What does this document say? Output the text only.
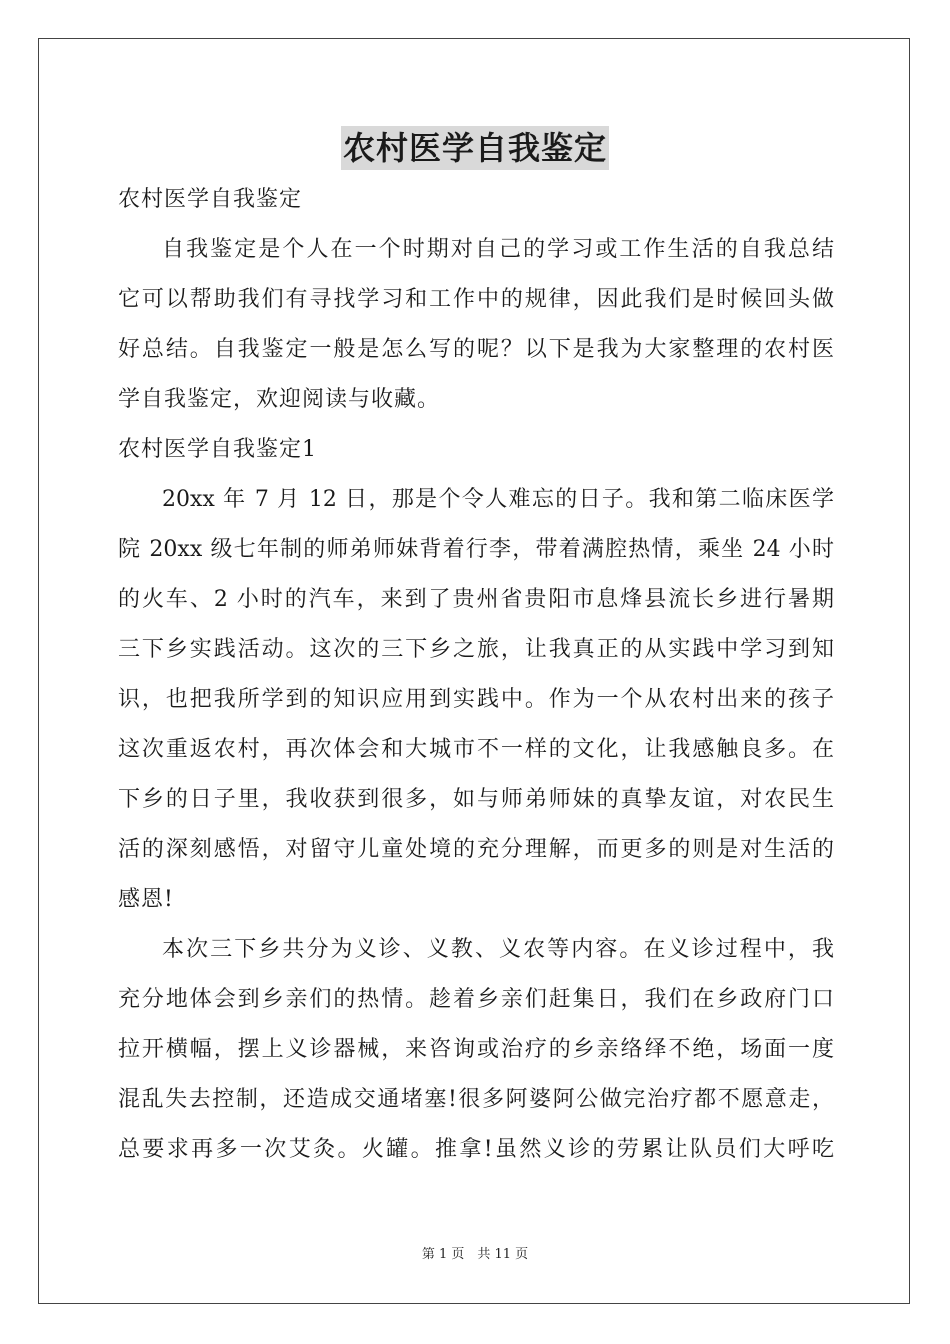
农村医学自我鉴定
农村医学自我鉴定
自我鉴定是个人在一个时期对自己的学习或工作生活的自我总结
它可以帮助我们有寻找学习和工作中的规律，因此我们是时候回头做
好总结。自我鉴定一般是怎么写的呢？以下是我为大家整理的农村医
学自我鉴定，欢迎阅读与收藏。
农村医学自我鉴定1
20xx 年 7 月 12 日，那是个令人难忘的日子。我和第二临床医学
院 20xx 级七年制的师弟师妹背着行李，带着满腔热情，乘坐 24 小时
的火车、2 小时的汽车，来到了贵州省贵阳市息烽县流长乡进行暑期
三下乡实践活动。这次的三下乡之旅，让我真正的从实践中学习到知
识，也把我所学到的知识应用到实践中。作为一个从农村出来的孩子
这次重返农村，再次体会和大城市不一样的文化，让我感触良多。在
下乡的日子里，我收获到很多，如与师弟师妹的真挚友谊，对农民生
活的深刻感悟，对留守儿童处境的充分理解，而更多的则是对生活的
感恩!
本次三下乡共分为义诊、义教、义农等内容。在义诊过程中，我
充分地体会到乡亲们的热情。趁着乡亲们赶集日，我们在乡政府门口
拉开横幅，摆上义诊器械，来咨询或治疗的乡亲络绎不绝，场面一度
混乱失去控制，还造成交通堵塞!很多阿婆阿公做完治疗都不愿意走，
总要求再多一次艾灸。火罐。推拿!虽然义诊的劳累让队员们大呼吃
第 1 页　共 11 页
